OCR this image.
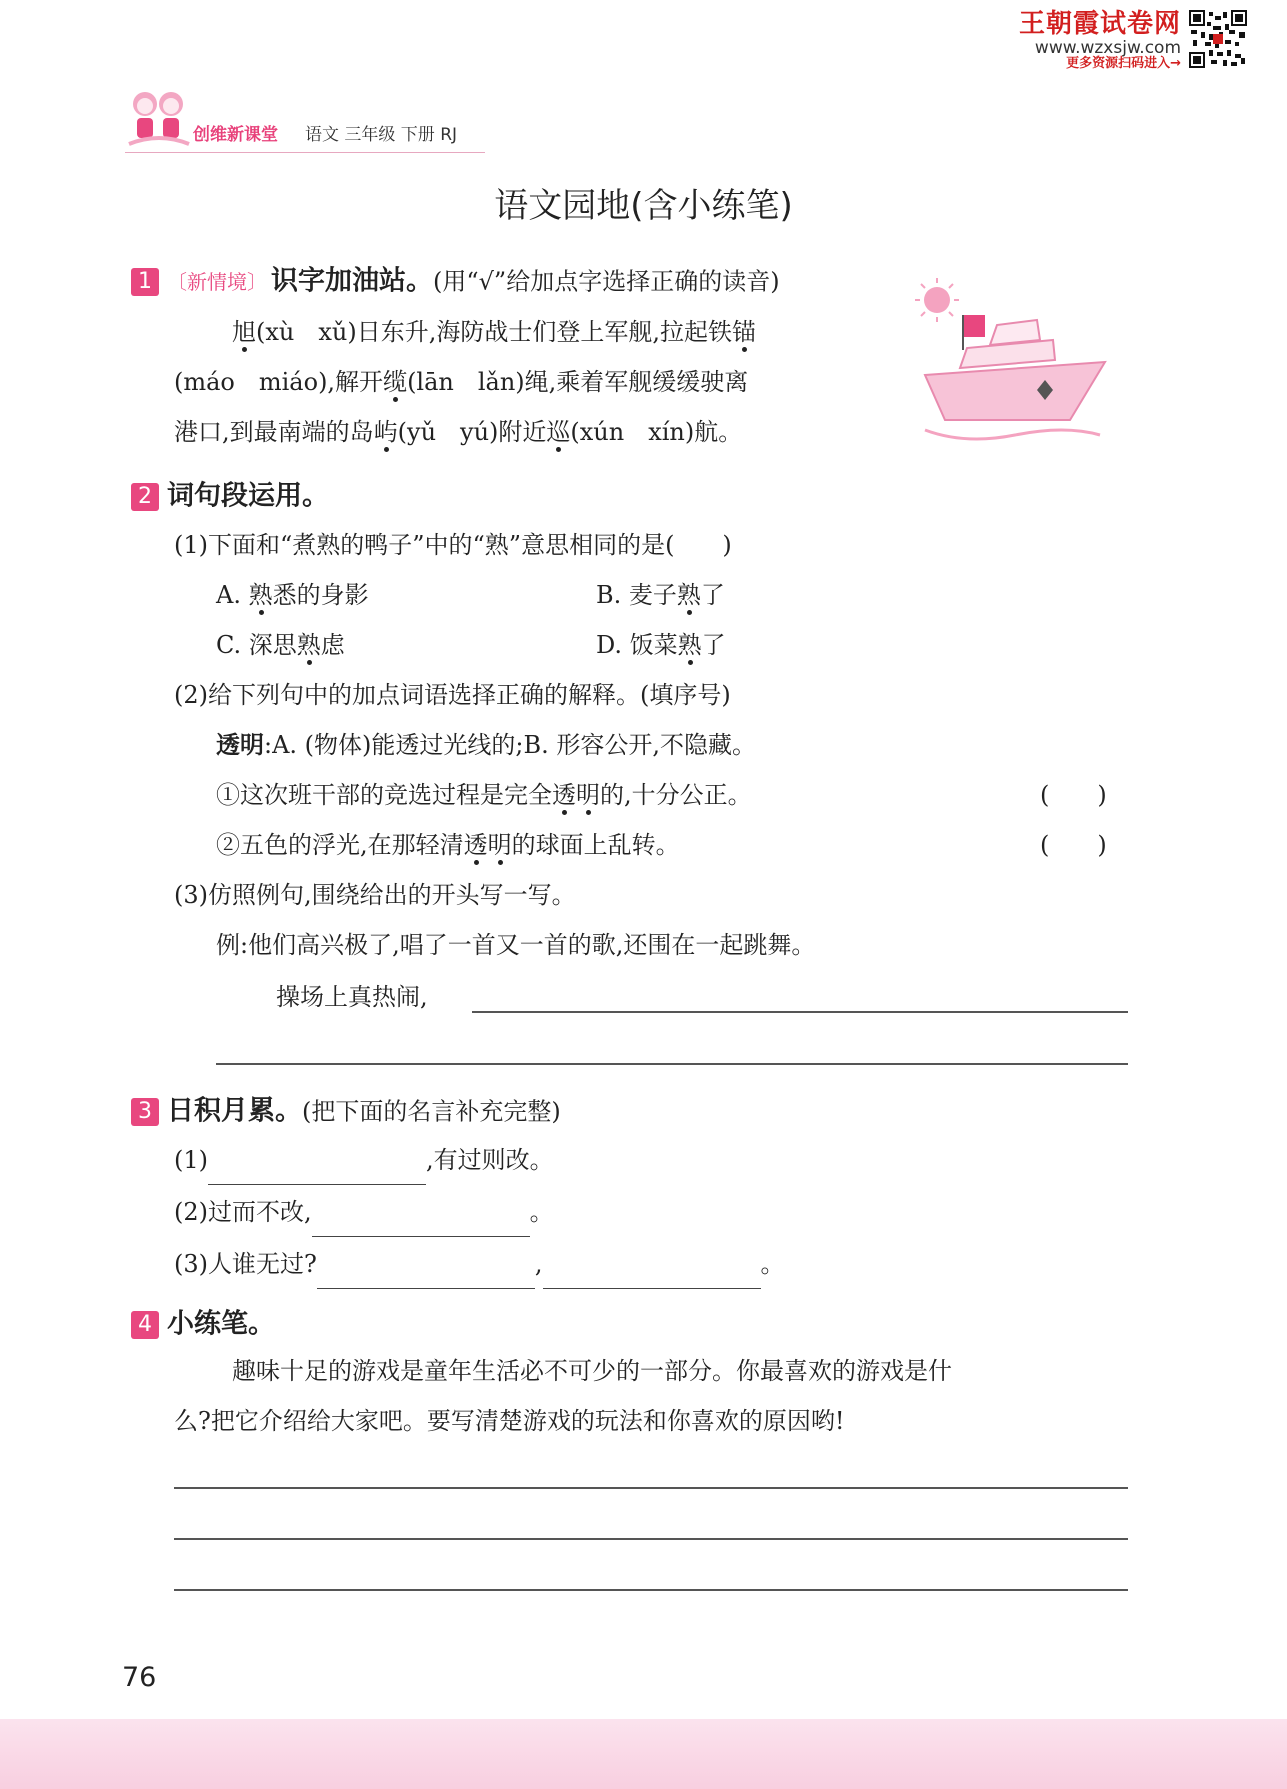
王朝霞试卷网
www.wzxsjw.com
更多资源扫码进入→
创维新课堂 语文 三年级 下册 RJ
语文园地(含小练笔)
1 〔新情境〕 识字加油站。(用“√”给加点字选择正确的读音)
旭(xù　xǔ)日东升,海防战士们登上军舰,拉起铁锚
(máo　miáo),解开缆(lān　lǎn)绳,乘着军舰缓缓驶离
港口,到最南端的岛屿(yǔ　yú)附近巡(xún　xín)航。
2 词句段运用。
(1)下面和“煮熟的鸭子”中的“熟”意思相同的是(　　)
A. 熟悉的身影	B. 麦子熟了
C. 深思熟虑	D. 饭菜熟了
(2)给下列句中的加点词语选择正确的解释。(填序号)
透明:A. (物体)能透过光线的;B. 形容公开,不隐藏。
①这次班干部的竞选过程是完全透明的,十分公正。	(　　)
②五色的浮光,在那轻清透明的球面上乱转。	(　　)
(3)仿照例句,围绕给出的开头写一写。
例:他们高兴极了,唱了一首又一首的歌,还围在一起跳舞。
操场上真热闹,
3 日积月累。(把下面的名言补充完整)
(1)	,有过则改。
(2)过而不改,	。
(3)人谁无过?	,	。
4 小练笔。
趣味十足的游戏是童年生活必不可少的一部分。你最喜欢的游戏是什
么?把它介绍给大家吧。要写清楚游戏的玩法和你喜欢的原因哟!
76
